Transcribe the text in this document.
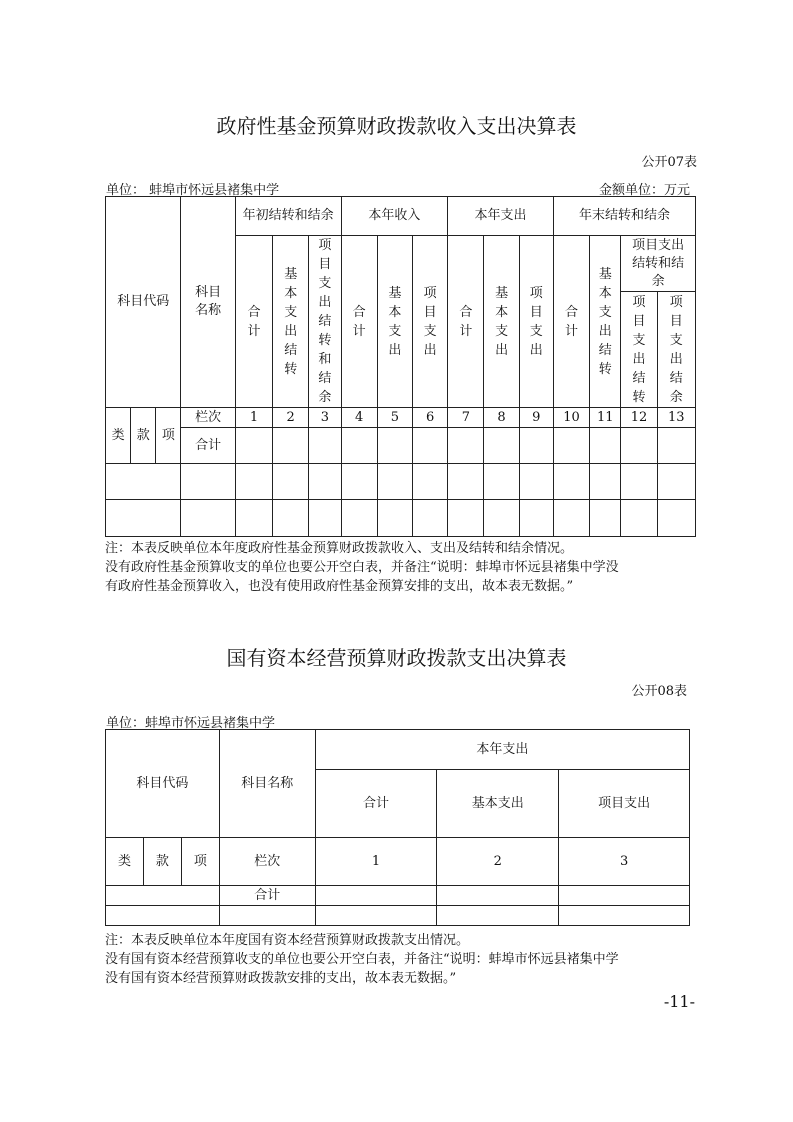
政府性基金预算财政拨款收入支出决算表
公开07表
单位： 蚌埠市怀远县褚集中学	金额单位：万元
科目代码			科目名称	年初结转和结余			本年收入			本年支出			年末结转和结余			

				合计	基本支出结转	项目支出结转和结余	合计	基本支出	项目支出	合计	基本支出	项目支出	合计	基本支出结转	项目支出结转和结余	

															项目支出结转	项目支出结余

类	款	项	栏次	1	2	3	4	5	6	7	8	9	10	11	12	13
			合计													

注：本表反映单位本年度政府性基金预算财政拨款收入、支出及结转和结余情况。
没有政府性基金预算收支的单位也要公开空白表，并备注“说明：蚌埠市怀远县褚集中学没
有政府性基金预算收入，也没有使用政府性基金预算安排的支出，故本表无数据。”
国有资本经营预算财政拨款支出决算表
公开08表
单位：蚌埠市怀远县褚集中学
科目代码			科目名称	本年支出		
				合计	基本支出	项目支出
类	款	项	栏次	1	2	3
			合计			

注：本表反映单位本年度国有资本经营预算财政拨款支出情况。
没有国有资本经营预算收支的单位也要公开空白表，并备注“说明：蚌埠市怀远县褚集中学
没有国有资本经营预算财政拨款安排的支出，故本表无数据。”
-11-
